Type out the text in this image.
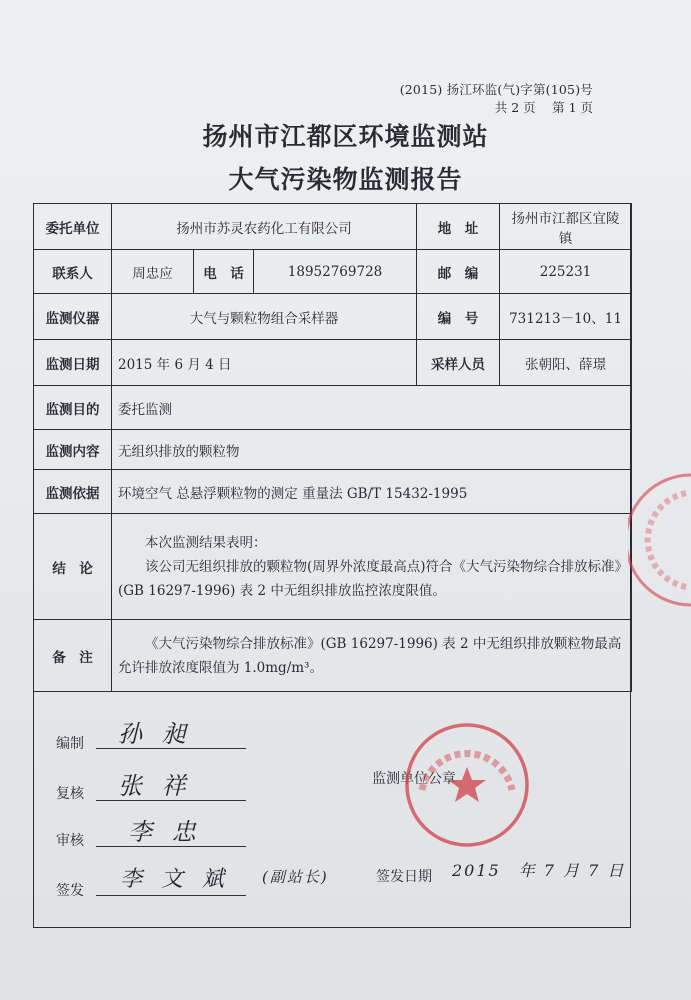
(2015) 扬江环监(气)字第(105)号
共 2 页　 第 1 页
扬州市江都区环境监测站
大气污染物监测报告
委托单位	扬州市苏灵农药化工有限公司			地　址	扬州市江都区宜陵镇
联系人	周忠应	电　话	18952769728	邮　编	225231
监测仪器	大气与颗粒物组合采样器			编　号	731213－10、11
监测日期	2015 年 6 月 4 日			采样人员	张朝阳、薛璟
监测目的	委托监测				
监测内容	无组织排放的颗粒物				
监测依据	环境空气 总悬浮颗粒物的测定 重量法 GB/T 15432-1995				
结　论	本次监测结果表明：
该公司无组织排放的颗粒物(周界外浓度最高点)符合《大气污染物综合排放标准》(GB 16297-1996) 表 2 中无组织排放监控浓度限值。				

备　注	《大气污染物综合排放标准》(GB 16297-1996) 表 2 中无组织排放颗粒物最高允许排放浓度限值为 1.0mg/m³。				
编制 孙 昶
复核 张 祥
审核 李 忠
签发 李 文 斌 (副站长)
监测单位公章
签发日期 2015　年 7 月 7 日
